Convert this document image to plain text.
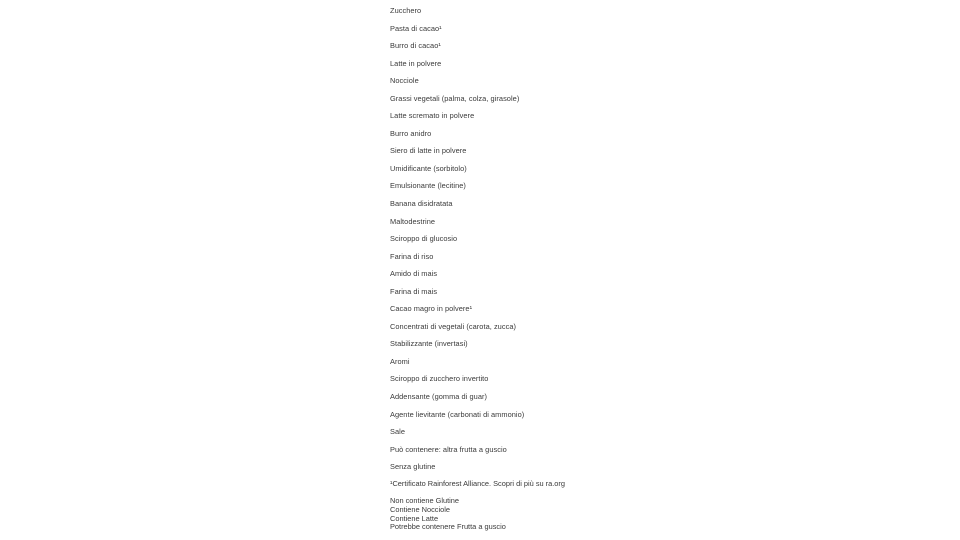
Zucchero
Pasta di cacao¹
Burro di cacao¹
Latte in polvere
Nocciole
Grassi vegetali (palma, colza, girasole)
Latte scremato in polvere
Burro anidro
Siero di latte in polvere
Umidificante (sorbitolo)
Emulsionante (lecitine)
Banana disidratata
Maltodestrine
Sciroppo di glucosio
Farina di riso
Amido di mais
Farina di mais
Cacao magro in polvere¹
Concentrati di vegetali (carota, zucca)
Stabilizzante (invertasi)
Aromi
Sciroppo di zucchero invertito
Addensante (gomma di guar)
Agente lievitante (carbonati di ammonio)
Sale
Può contenere: altra frutta a guscio
Senza glutine

¹Certificato Rainforest Alliance. Scopri di più su ra.org

Non contiene Glutine
Contiene Nocciole
Contiene Latte
Potrebbe contenere Frutta a guscio
